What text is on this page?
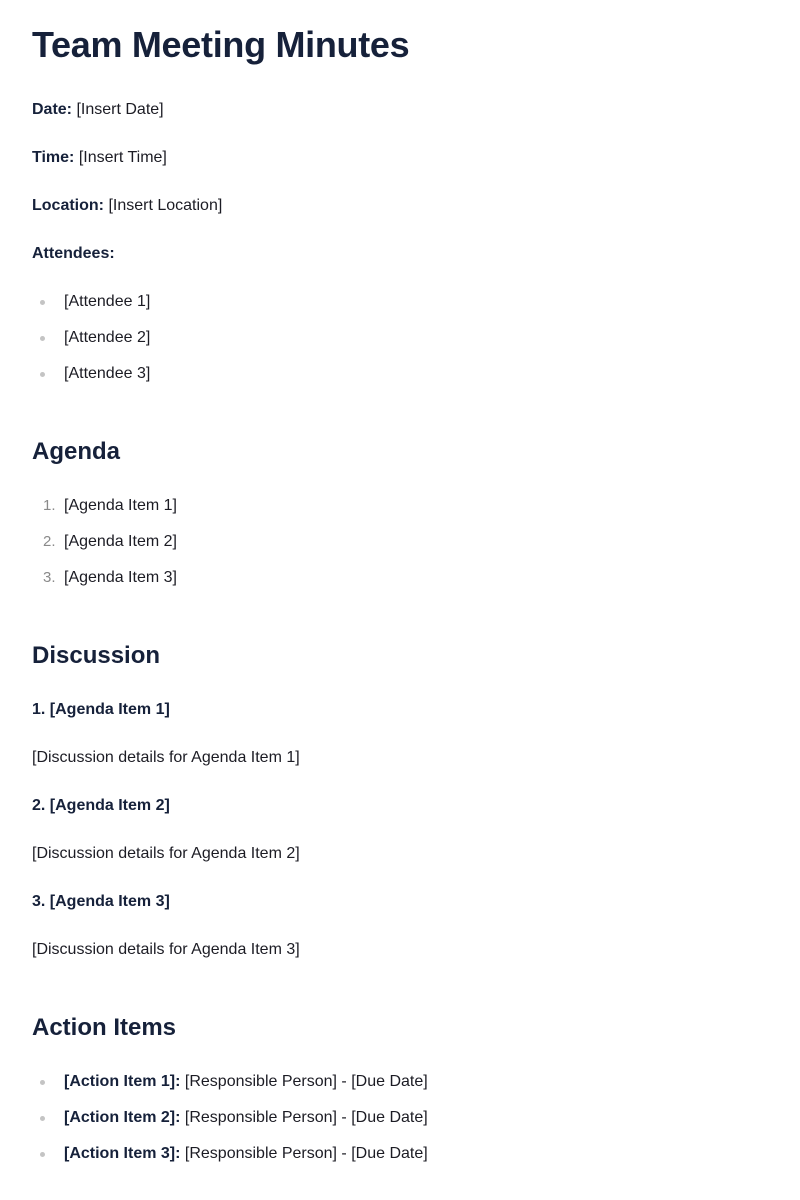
Team Meeting Minutes
Date: [Insert Date]
Time: [Insert Time]
Location: [Insert Location]
Attendees:
[Attendee 1]
[Attendee 2]
[Attendee 3]
Agenda
1. [Agenda Item 1]
2. [Agenda Item 2]
3. [Agenda Item 3]
Discussion
1. [Agenda Item 1]
[Discussion details for Agenda Item 1]
2. [Agenda Item 2]
[Discussion details for Agenda Item 2]
3. [Agenda Item 3]
[Discussion details for Agenda Item 3]
Action Items
[Action Item 1]: [Responsible Person] - [Due Date]
[Action Item 2]: [Responsible Person] - [Due Date]
[Action Item 3]: [Responsible Person] - [Due Date]
